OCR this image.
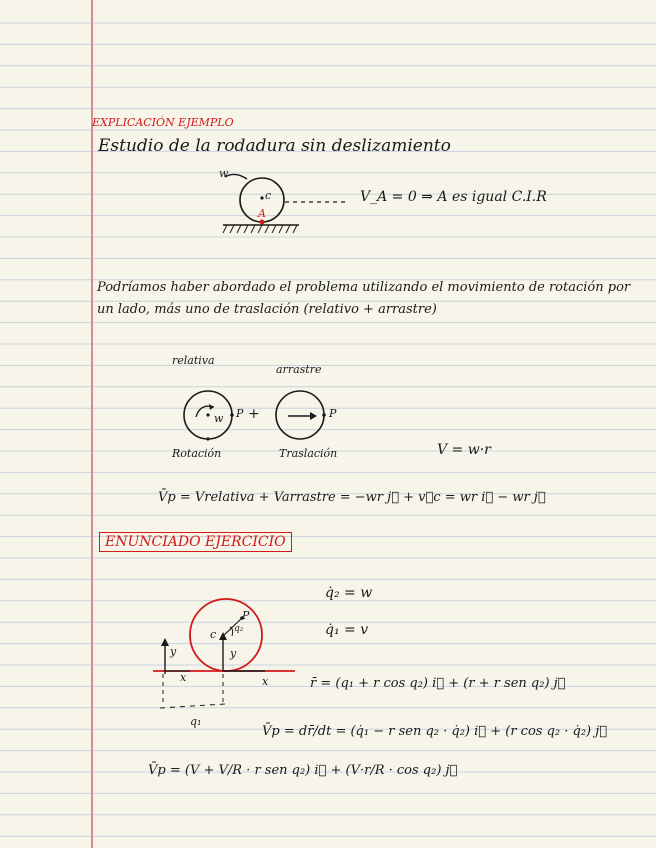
EXPLICACIÓN EJEMPLO
Estudio de la rodadura sin deslizamiento
w
c
A
V_A = 0 ⇒ A es igual C.I.R
Podríamos haber abordado el problema utilizando el movimiento de rotación por
un lado, más uno de traslación (relativo + arrastre)
relativa
arrastre
w P +	P
Rotación	Traslación	V = w·r
V̄p = Vrelativa + Varrastre = −wr j⃗ + v⃗c = wr i⃗ − wr j⃗
ENUNCIADO EJERCICIO
q̇₂ = w
q̇₁ = v
y
x
y
x
c q₂
P
q₁
r̄ = (q₁ + r cos q₂) i⃗ + (r + r sen q₂) j⃗
V̄p = dr̄/dt = (q̇₁ − r sen q₂ · q̇₂) i⃗ + (r cos q₂ · q̇₂) j⃗
V̄p = (V + V/R · r sen q₂) i⃗ + (V·r/R · cos q₂) j⃗
